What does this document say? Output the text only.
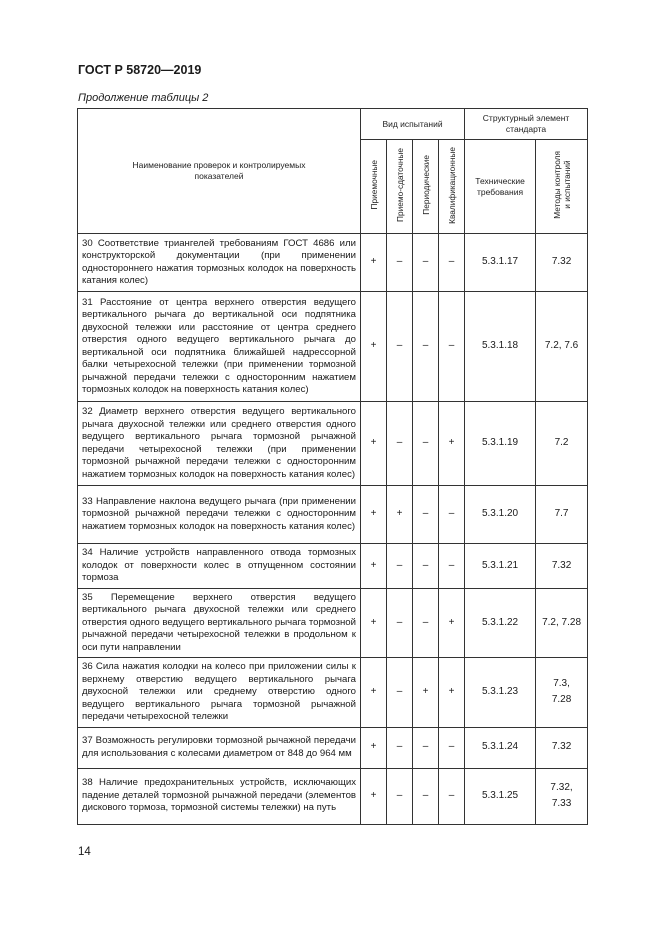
ГОСТ Р 58720—2019
Продолжение таблицы 2
Наименование проверок и контролируемых показателей	Вид испытаний				Структурный элемент стандарта	
	Приемочные	Приемо-сдаточные	Периодические	Квалификационные	Технические требования	Методы контроля
и испытаний
30 Соответствие триангелей требованиям ГОСТ 4686 или конструкторской документации (при применении одностороннего нажатия тормозных колодок на поверхность катания колес)	+	–	–	–	5.3.1.17	7.32
31 Расстояние от центра верхнего отверстия ведущего вертикального рычага до вертикальной оси подпятника двухосной тележки или расстояние от центра среднего отверстия одного ведущего вертикального рычага до вертикальной оси подпятника ближайшей надрессорной балки четырехосной тележки (при применении тормозной рычажной передачи тележки с односторонним нажатием тормозных колодок на поверхность катания колес)	+	–	–	–	5.3.1.18	7.2, 7.6
32 Диаметр верхнего отверстия ведущего вертикального рычага двухосной тележки или среднего отверстия одного ведущего вертикального рычага тормозной рычажной передачи четырехосной тележки (при применении тормозной рычажной передачи тележки с односторонним нажатием тормозных колодок на поверхность катания колес)	+	–	–	+	5.3.1.19	7.2
33 Направление наклона ведущего рычага (при применении тормозной рычажной передачи тележки с односторонним нажатием тормозных колодок на поверхность катания колес)	+	+	–	–	5.3.1.20	7.7
34 Наличие устройств направленного отвода тормозных колодок от поверхности колес в отпущенном состоянии тормоза	+	–	–	–	5.3.1.21	7.32
35 Перемещение верхнего отверстия ведущего вертикального рычага двухосной тележки или среднего отверстия одного ведущего вертикального рычага тормозной рычажной передачи четырехосной тележки в продольном к оси пути направлении	+	–	–	+	5.3.1.22	7.2, 7.28
36 Сила нажатия колодки на колесо при приложении силы к верхнему отверстию ведущего вертикального рычага двухосной тележки или среднему отверстию одного ведущего вертикального рычага тормозной рычажной передачи четырехосной тележки	+	–	+	+	5.3.1.23	7.3,
7.28
37 Возможность регулировки тормозной рычажной передачи для использования с колесами диаметром от 848 до 964 мм	+	–	–	–	5.3.1.24	7.32
38 Наличие предохранительных устройств, исключающих падение деталей тормозной рычажной передачи (элементов дискового тормоза, тормозной системы тележки) на путь	+	–	–	–	5.3.1.25	7.32,
7.33
14
